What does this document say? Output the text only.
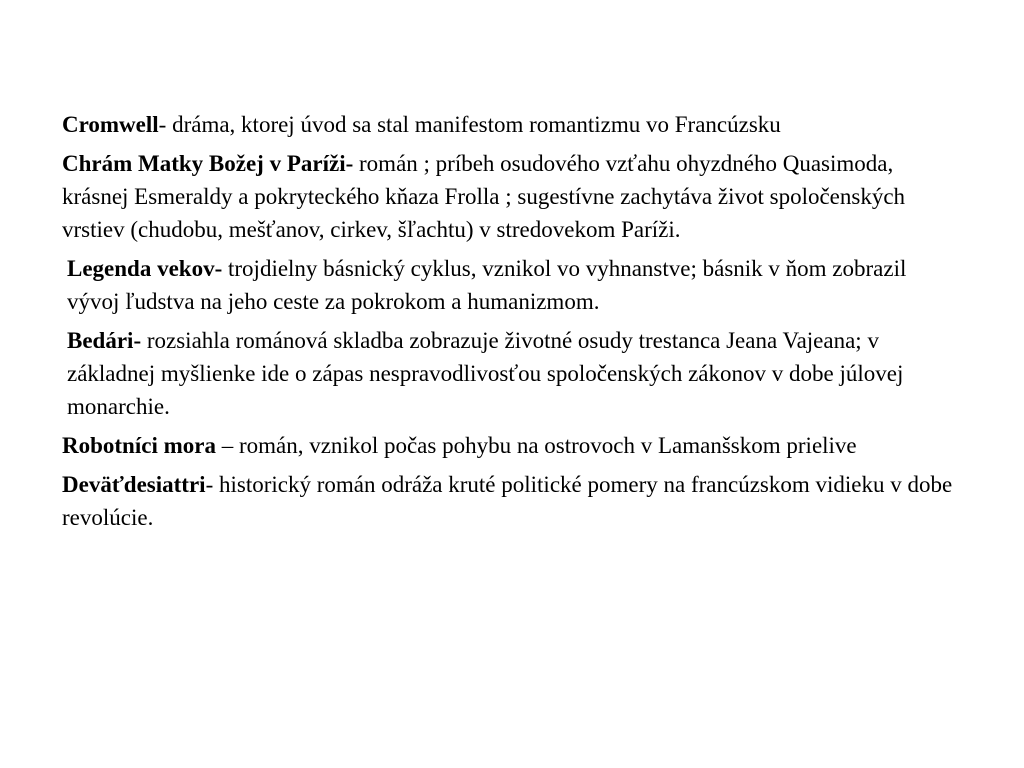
Cromwell- dráma, ktorej úvod sa stal manifestom romantizmu vo Francúzsku

Chrám Matky Božej v Paríži- román ; príbeh osudového vzťahu ohyzdného Quasimoda, krásnej Esmeraldy a pokryteckého kňaza Frolla ; sugestívne zachytáva život spoločenských vrstiev (chudobu, mešťanov, cirkev, šľachtu) v stredovekom Paríži.

Legenda vekov- trojdielny básnický cyklus, vznikol vo vyhnanstve; básnik v ňom zobrazil vývoj ľudstva na jeho ceste za pokrokom a humanizmom.

Bedári- rozsiahla románová skladba zobrazuje životné osudy trestanca Jeana Vajeana; v základnej myšlienke ide o zápas nespravodlivosťou spoločenských zákonov v dobe júlovej monarchie.

Robotníci mora – román, vznikol počas pohybu na ostrovoch v Lamanšskom prielive

Deväťdesiattri- historický román odráža kruté politické pomery na francúzskom vidieku v dobe revolúcie.
